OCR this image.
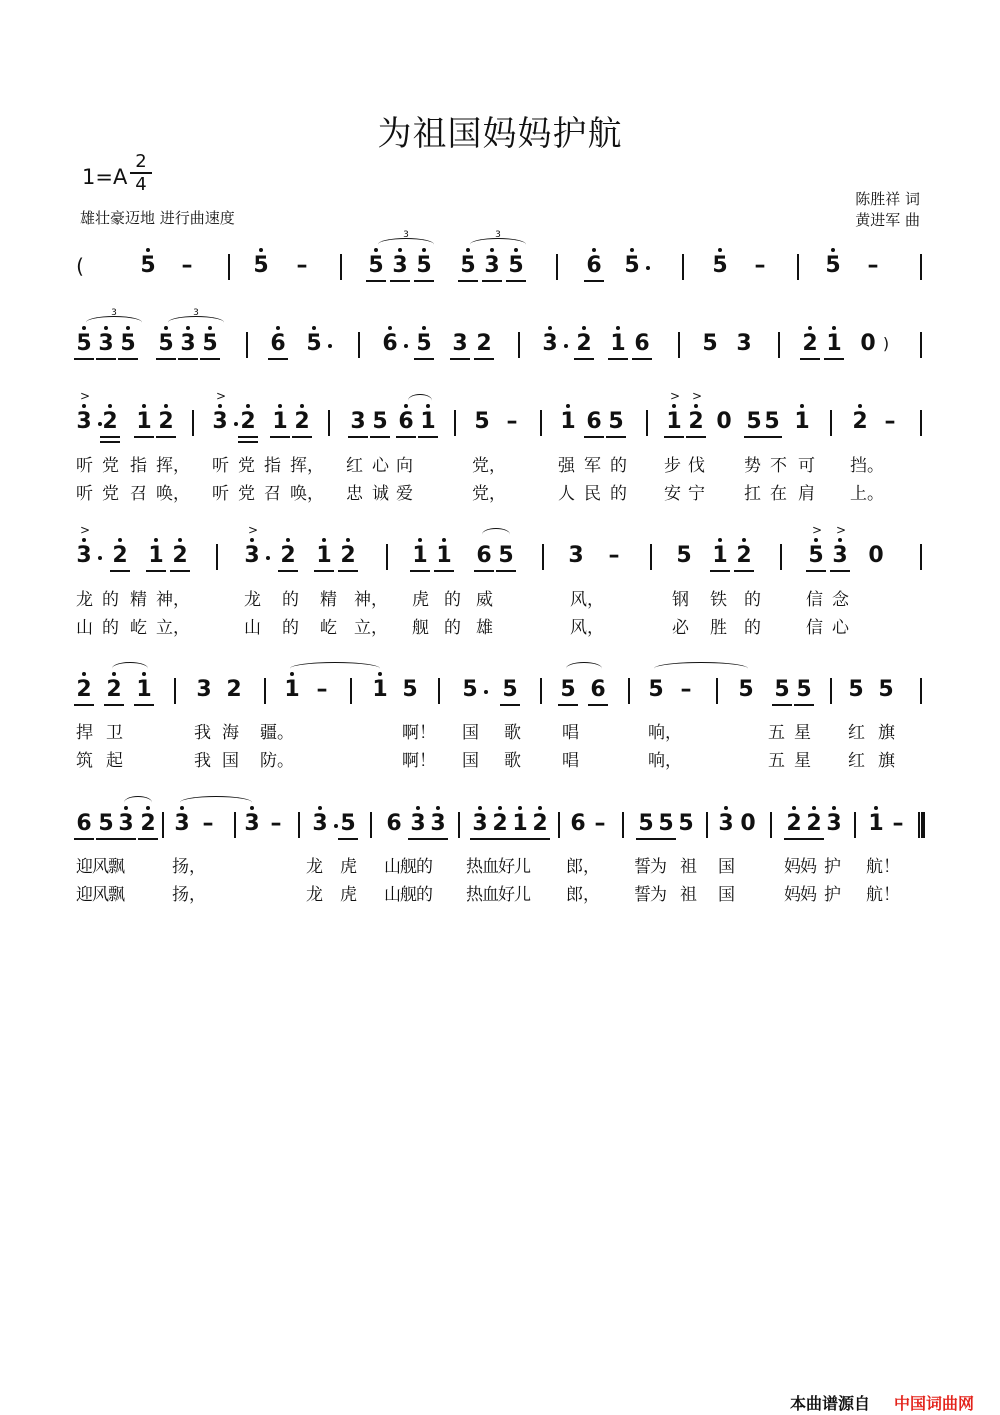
为祖国妈妈护航
1=A
2
4
雄壮豪迈地 进行曲速度
陈胜祥 词
黄进军 曲
(	5 –	5 –	5 3 5 5 3 5	6 5	5 –	5 –
3	3
5 3 5 5 3 5 6 5	6 5 3 2 3 2 1 6 5 3 2 1 0 )
3	3
3 2 1 2 3 2 1 2 3 5 6 1 5 – 1 6 5 1 2 0 5 5 1 2 –
>	>	> >
听 党 指 挥， 听 党 指 挥， 红 心 向	党，	强 军 的 步 伐 势 不 可 挡。
听 党 召 唤， 听 党 召 唤， 忠 诚 爱	党，	人 民 的 安 宁 扛 在 肩 上。
3 2 1 2	3 2 1 2	1 1 6 5 3 –	5 1 2	5 3 0
>	>	> >
龙 的 精 神，	龙 的 精 神， 虎 的 威	风，	钢 铁 的	信 念
山 的 屹 立，	山 的 屹 立， 舰 的 雄	风，	必 胜 的	信 心
2 2 1 3 2 1 – 1 5 5 5 5 6 5 – 5 5 5 5 5
捍 卫	我 海 疆。	啊！ 国 歌 唱	响，	五 星 红 旗
筑 起	我 国 防。	啊！ 国 歌 唱	响，	五 星 红 旗
6 5 3 2 3 – 3 – 3 5 6 3 3 3 2 1 2 6 – 5 5 5 3 0 2 2 3 1 –
迎 风 飘	扬，	龙 虎 山 舰 的 热 血 好 儿 郎， 誓 为 祖 国	妈 妈 护 航！
迎 风 飘	扬，	龙 虎 山 舰 的 热 血 好 儿 郎， 誓 为 祖 国	妈 妈 护 航！
本曲谱源自 中国词曲网
